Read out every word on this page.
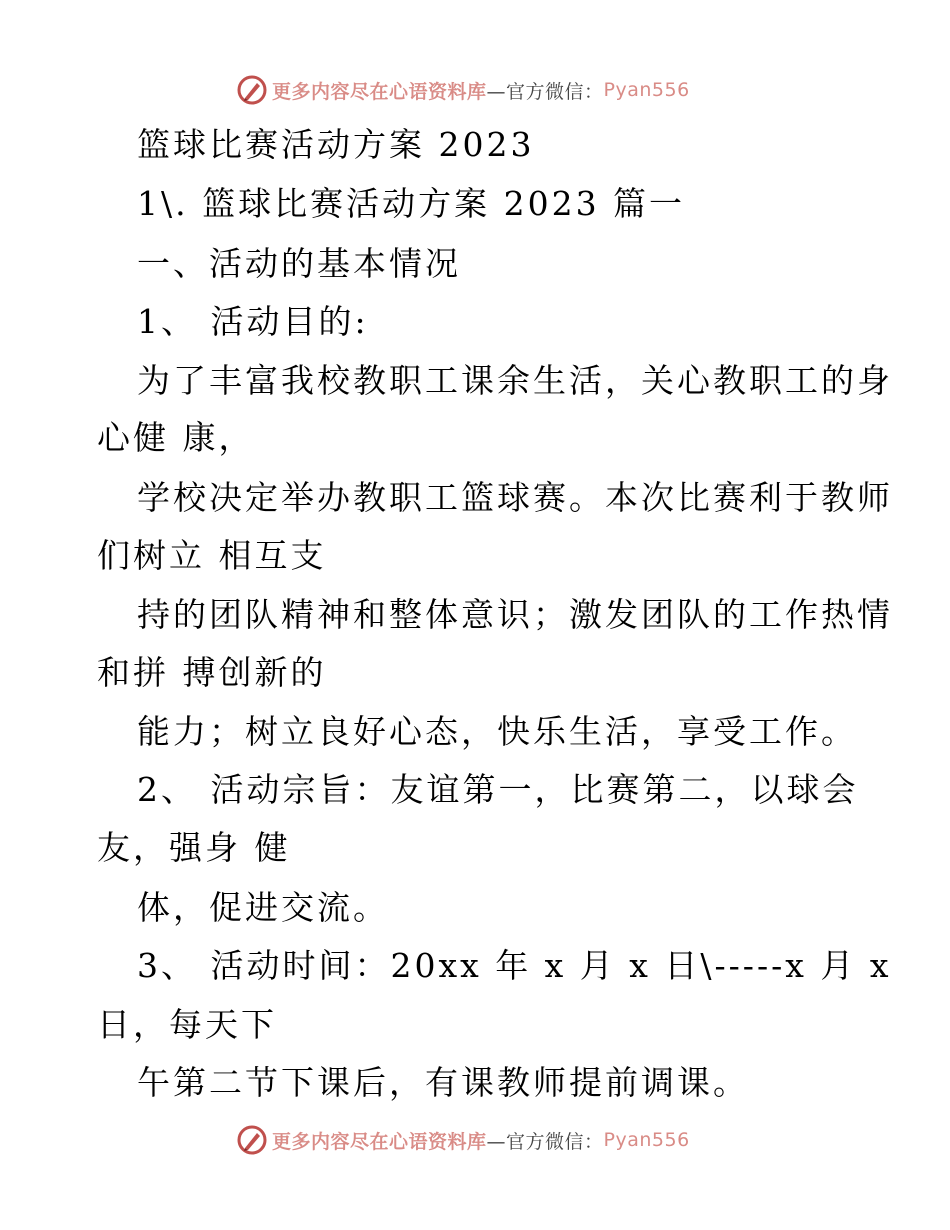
更多内容尽在心语资料库 —官方微信： Pyan556
篮球比赛活动方案 2023
1\. 篮球比赛活动方案 2023 篇一
一、活动的基本情况
1、 活动目的:
为了丰富我校教职工课余生活，关心教职工的身
心健 康，
学校决定举办教职工篮球赛。本次比赛利于教师
们树立 相互支
持的团队精神和整体意识；激发团队的工作热情
和拼 搏创新的
能力；树立良好心态，快乐生活，享受工作。
2、 活动宗旨：友谊第一，比赛第二，以球会
友，强身 健
体，促进交流。
3、 活动时间：20xx 年 x 月 x 日\-----x 月 x
日，每天下
午第二节下课后，有课教师提前调课。
更多内容尽在心语资料库 —官方微信： Pyan556
